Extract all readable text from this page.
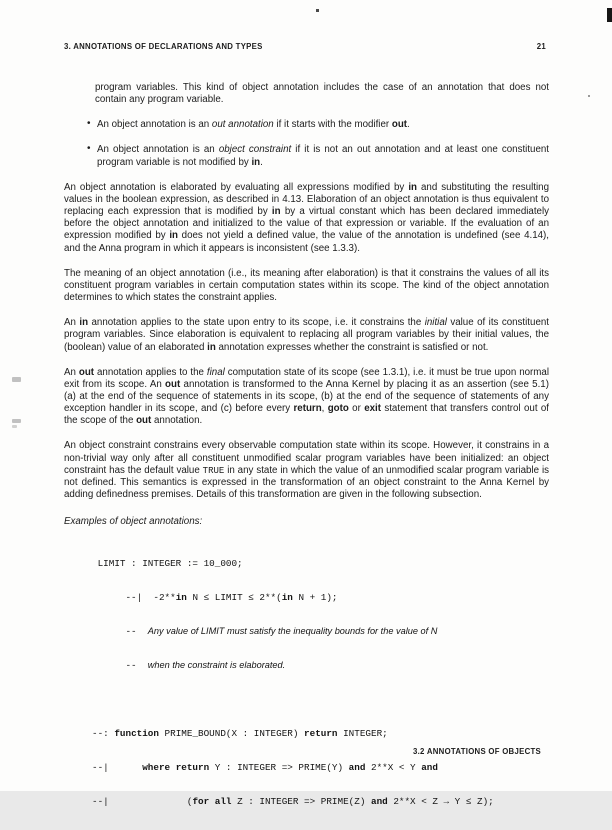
3. ANNOTATIONS OF DECLARATIONS AND TYPES	21

program variables. This kind of object annotation includes the case of an annotation that does not contain any program variable.

• An object annotation is an out annotation if it starts with the modifier out.
• An object annotation is an object constraint if it is not an out annotation and at least one constituent program variable is not modified by in.

An object annotation is elaborated by evaluating all expressions modified by in and substituting the resulting values in the boolean expression, as described in 4.13. Elaboration of an object annotation is thus equivalent to replacing each expression that is modified by in by a virtual constant which has been declared immediately before the object annotation and initialized to the value of that expression or variable. If the evaluation of an expression modified by in does not yield a defined value, the value of the annotation is undefined (see 4.14), and the Anna program in which it appears is inconsistent (see 1.3.3).

The meaning of an object annotation (i.e., its meaning after elaboration) is that it constrains the values of all its constituent program variables in certain computation states within its scope. The kind of the object annotation determines to which states the constraint applies.

An in annotation applies to the state upon entry to its scope, i.e. it constrains the initial value of its constituent program variables. Since elaboration is equivalent to replacing all program variables by their initial values, the (boolean) value of an elaborated in annotation expresses whether the constraint is satisfied or not.

An out annotation applies to the final computation state of its scope (see 1.3.1), i.e. it must be true upon normal exit from its scope. An out annotation is transformed to the Anna Kernel by placing it as an assertion (see 5.1) (a) at the end of the sequence of statements in its scope, (b) at the end of the sequence of statements of any exception handler in its scope, and (c) before every return, goto or exit statement that transfers control out of the scope of the out annotation.

An object constraint constrains every observable computation state within its scope. However, it constrains in a non-trivial way only after all constituent unmodified scalar program variables have been initialized: an object constraint has the default value TRUE in any state in which the value of an unmodified scalar program variable is not defined. This semantics is expressed in the transformation of an object constraint to the Anna Kernel by adding definedness premises. Details of this transformation are given in the following subsection.

Examples of object annotations:

LIMIT : INTEGER := 10_000;

--|  -2**in N ≤ LIMIT ≤ 2**(in N + 1);

--  Any value of LIMIT must satisfy the inequality bounds for the value of N

--  when the constraint is elaborated.

--: function PRIME_BOUND(X : INTEGER) return INTEGER;

--|      where return Y : INTEGER => PRIME(Y) and 2**X < Y and

--|              (for all Z : INTEGER => PRIME(Z) and 2**X < Z → Y ≤ Z);

3.2 ANNOTATIONS OF OBJECTS
